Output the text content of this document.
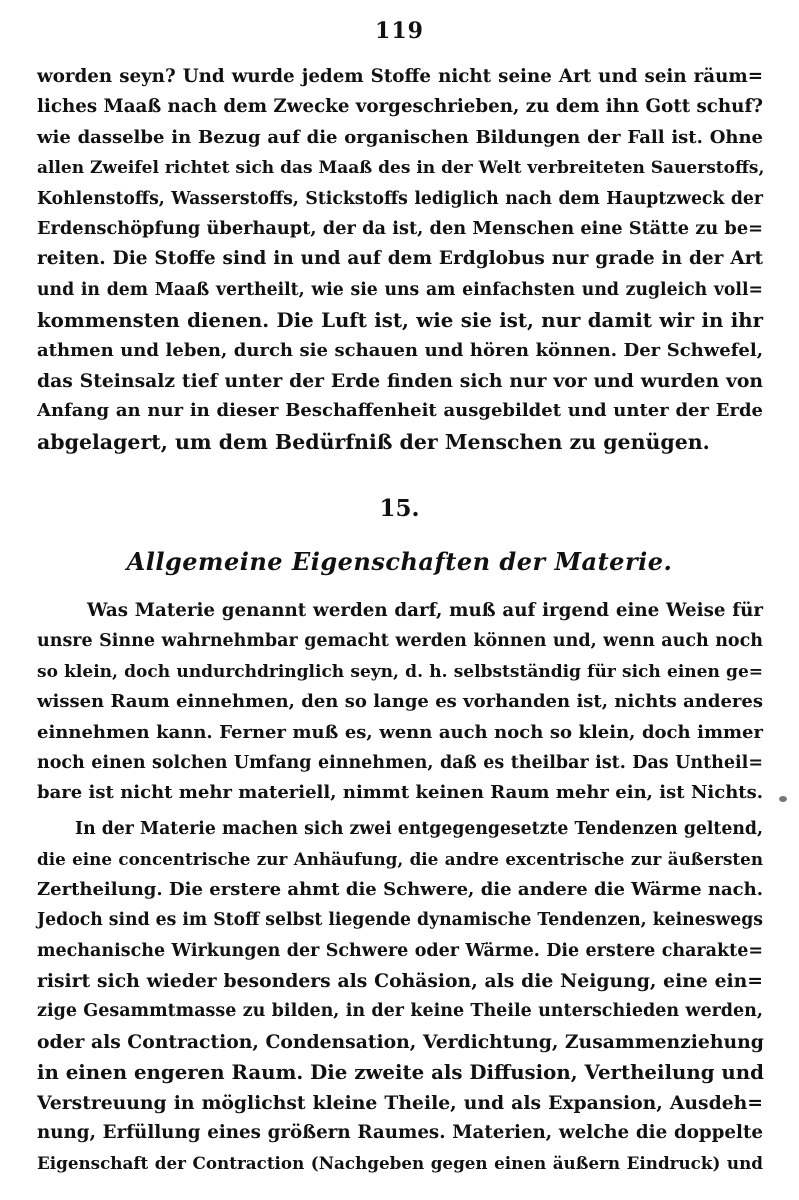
119
worden seyn? Und wurde jedem Stoffe nicht seine Art und sein räum=
liches Maaß nach dem Zwecke vorgeschrieben, zu dem ihn Gott schuf?
wie dasselbe in Bezug auf die organischen Bildungen der Fall ist. Ohne
allen Zweifel richtet sich das Maaß des in der Welt verbreiteten Sauerstoffs,
Kohlenstoffs, Wasserstoffs, Stickstoffs lediglich nach dem Hauptzweck der
Erdenschöpfung überhaupt, der da ist, den Menschen eine Stätte zu be=
reiten. Die Stoffe sind in und auf dem Erdglobus nur grade in der Art
und in dem Maaß vertheilt, wie sie uns am einfachsten und zugleich voll=
kommensten dienen. Die Luft ist, wie sie ist, nur damit wir in ihr
athmen und leben, durch sie schauen und hören können. Der Schwefel,
das Steinsalz tief unter der Erde finden sich nur vor und wurden von
Anfang an nur in dieser Beschaffenheit ausgebildet und unter der Erde
abgelagert, um dem Bedürfniß der Menschen zu genügen.
15.
Allgemeine Eigenschaften der Materie.
Was Materie genannt werden darf, muß auf irgend eine Weise für
unsre Sinne wahrnehmbar gemacht werden können und, wenn auch noch
so klein, doch undurchdringlich seyn, d. h. selbstständig für sich einen ge=
wissen Raum einnehmen, den so lange es vorhanden ist, nichts anderes
einnehmen kann. Ferner muß es, wenn auch noch so klein, doch immer
noch einen solchen Umfang einnehmen, daß es theilbar ist. Das Untheil=
bare ist nicht mehr materiell, nimmt keinen Raum mehr ein, ist Nichts.
In der Materie machen sich zwei entgegengesetzte Tendenzen geltend,
die eine concentrische zur Anhäufung, die andre excentrische zur äußersten
Zertheilung. Die erstere ahmt die Schwere, die andere die Wärme nach.
Jedoch sind es im Stoff selbst liegende dynamische Tendenzen, keineswegs
mechanische Wirkungen der Schwere oder Wärme. Die erstere charakte=
risirt sich wieder besonders als Cohäsion, als die Neigung, eine ein=
zige Gesammtmasse zu bilden, in der keine Theile unterschieden werden,
oder als Contraction, Condensation, Verdichtung, Zusammenziehung
in einen engeren Raum. Die zweite als Diffusion, Vertheilung und
Verstreuung in möglichst kleine Theile, und als Expansion, Ausdeh=
nung, Erfüllung eines größern Raumes. Materien, welche die doppelte
Eigenschaft der Contraction (Nachgeben gegen einen äußern Eindruck) und
